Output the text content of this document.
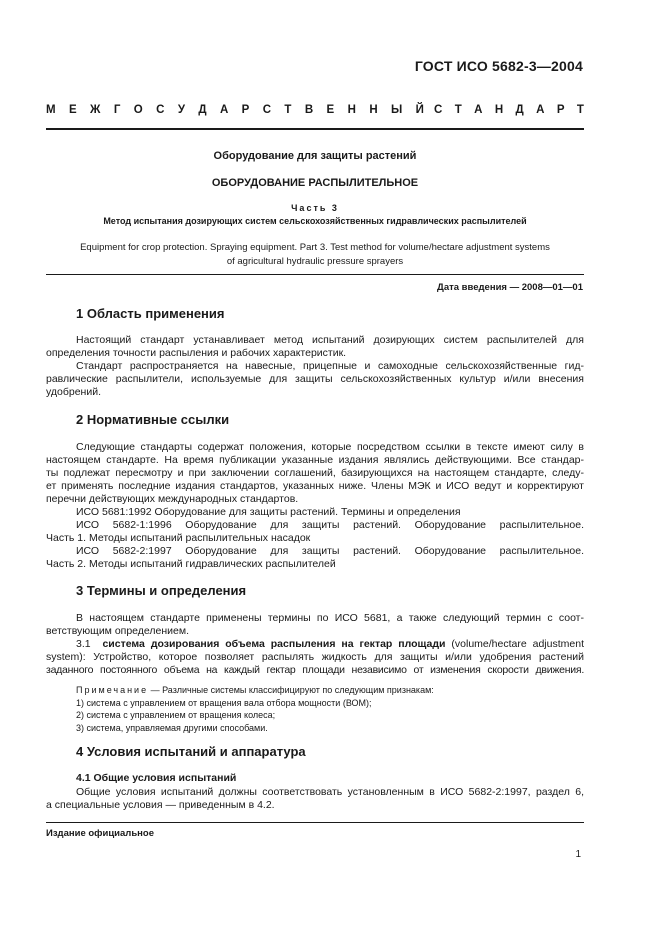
ГОСТ ИСО 5682-3—2004
М Е Ж Г О С У Д А Р С Т В Е Н Н Ы Й С Т А Н Д А Р Т
Оборудование для защиты растений
ОБОРУДОВАНИЕ РАСПЫЛИТЕЛЬНОЕ
Часть 3
Метод испытания дозирующих систем сельскохозяйственных гидравлических распылителей
Equipment for crop protection. Spraying equipment. Part 3. Test method for volume/hectare adjustment systems
of agricultural hydraulic pressure sprayers
Дата введения — 2008—01—01
1 Область применения
Настоящий стандарт устанавливает метод испытаний дозирующих систем распылителей для
определения точности распыления и рабочих характеристик.
Стандарт распространяется на навесные, прицепные и самоходные сельскохозяйственные гид-
равлические распылители, используемые для защиты сельскохозяйственных культур и/или внесения
удобрений.
2 Нормативные ссылки
Следующие стандарты содержат положения, которые посредством ссылки в тексте имеют силу в
настоящем стандарте. На время публикации указанные издания являлись действующими. Все стандар-
ты подлежат пересмотру и при заключении соглашений, базирующихся на настоящем стандарте, следу-
ет применять последние издания стандартов, указанных ниже. Члены МЭК и ИСО ведут и корректируют
перечни действующих международных стандартов.
ИСО 5681:1992 Оборудование для защиты растений. Термины и определения
ИСО 5682-1:1996 Оборудование для защиты растений. Оборудование распылительное.
Часть 1. Методы испытаний распылительных насадок
ИСО 5682-2:1997 Оборудование для защиты растений. Оборудование распылительное.
Часть 2. Методы испытаний гидравлических распылителей
3 Термины и определения
В настоящем стандарте применены термины по ИСО 5681, а также следующий термин с соот-
ветствующим определением.
3.1 система дозирования объема распыления на гектар площади (volume/hectare adjustment
system): Устройство, которое позволяет распылять жидкость для защиты и/или удобрения растений
заданного постоянного объема на каждый гектар площади независимо от изменения скорости движения.
Примечание — Различные системы классифицируют по следующим признакам:
1) система с управлением от вращения вала отбора мощности (ВОМ);
2) система с управлением от вращения колеса;
3) система, управляемая другими способами.
4 Условия испытаний и аппаратура
4.1 Общие условия испытаний
Общие условия испытаний должны соответствовать установленным в ИСО 5682-2:1997, раздел 6,
а специальные условия — приведенным в 4.2.
Издание официальное
1
